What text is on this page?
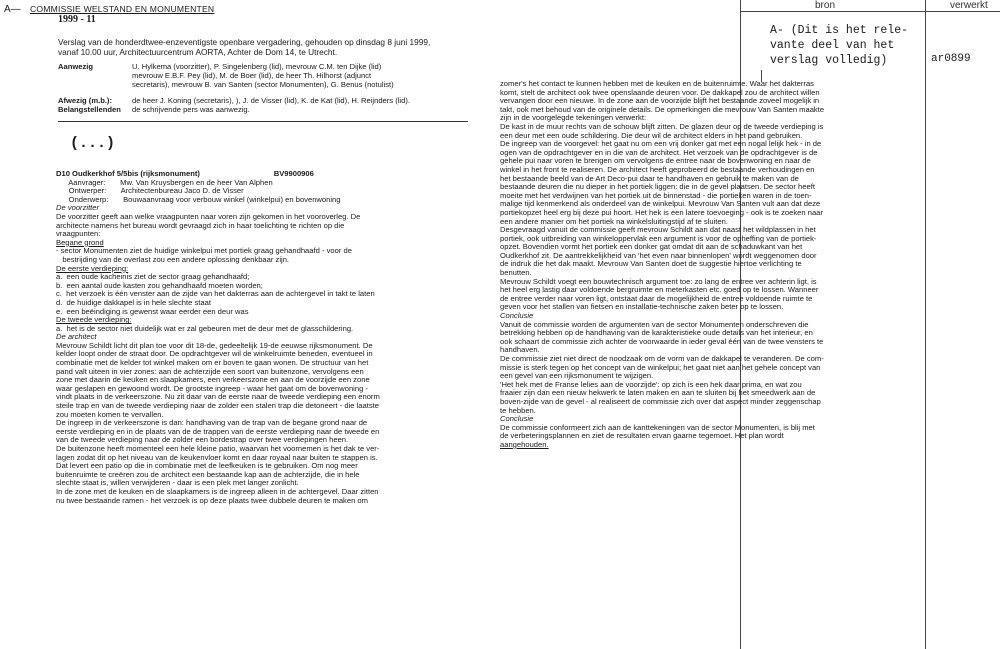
A— COMMISSIE WELSTAND EN MONUMENTEN
1999 - 11
bron	verwerkt
A- (Dit is het rele-
vante deel van het
verslag volledig)	ar0899

Verslag van de honderdtwee-enzeventigste openbare vergadering, gehouden op dinsdag 8 juni 1999,

vanaf 10.00 uur, Architectuurcentrum AORTA, Achter de Dom 14, te Utrecht.

Aanwezig	U. Hylkema (voorzitter), P. Singelenberg (lid), mevrouw C.M. ten Dijke (lid)
mevrouw E.B.F. Pey (lid), M. de Boer (lid), de heer Th. Hilhorst (adjunct
secretaris), mevrouw B. van Santen (sector Monumenten), G. Benus (notulist)
Afwezig (m.b.):	de heer J. Koning (secretaris), ), J. de Visser (lid), K. de Kat (lid), H. Reijnders (lid).
Belangstellenden de schrijvende pers was aanwezig.
(...)

D10 Oudkerkhof 5/5bis (rijksmonument)                                   BV9900906

Aanvrager:       Mw. Van Kruysbergen en de heer Van Alphen

Ontwerper:       Architectenbureau Jaco D. de Visser

Onderwerp:       Bouwaanvraag voor verbouw winkel (winkelpui) en bovenwoning

De voorzitter

De voorzitter geeft aan welke vraagpunten naar voren zijn gekomen in het vooroverleg. De

architecte namens het bureau wordt gevraagd zich in haar toelichting te richten op die

vraagpunten:

Begane grond

- sector Monumenten ziet de huidige winkelpui met portiek graag gehandhaafd - voor de

bestrijding van de overlast zou een andere oplossing denkbaar zijn.

De eerste verdieping:

a.  een oude kacheinis ziet de sector graag gehandhaafd;

b.  een aantal oude kasten zou gehandhaafd moeten worden;

c.  het verzoek is één venster aan de zijde van het dakterras aan de achtergevel in takt te laten

d.  de huidige dakkapel is in hele slechte staat

e.  een beëindiging is gewenst waar eerder een deur was

De tweede verdieping:

a.  het is de sector niet duidelijk wat er zal gebeuren met de deur met de glasschildering.

De architect

Mevrouw Schildt licht dit plan toe voor dit 18-de, gedeeltelijk 19-de eeuwse rijksmonument. De

kelder loopt onder de straat door. De opdrachtgever wil de winkelruimte beneden, eventueel in

combinatie met de kelder tot winkel maken om er boven te gaan wonen. De structuur van het

pand valt uiteen in vier zones: aan de achterzijde een soort van buitenzone, vervolgens een

zone met daarin de keuken en slaapkamers, een verkeerszone en aan de voorzijde een zone

waar geslapen en gewoond wordt. De grootste ingreep - waar het gaat om de bovenwoning -

vindt plaats in de verkeerszone. Nu zit daar van de eerste naar de tweede verdieping een enorm

steile trap en van de tweede verdieping naar de zolder een stalen trap die detoneert - die laatste

zou moeten komen te vervallen.

De ingreep in de verkeerszone is dan: handhaving van de trap van de begane grond naar de

eerste verdieping en in de plaats van de de trappen van de eerste verdieping naar de tweede en

van de tweede verdieping naar de zolder een bordestrap over twee verdiepingen heen.

De buitenzone heeft momenteel een hele kleine patio, waarvan het voornemen is het dak te ver-

lagen zodat dit op het niveau van de keukenvloer komt en daar royaal naar buiten te stappen is.

Dat levert een patio op die in combinatie met de leefkeuken is te gebruiken. Om nog meer

buitenruimte te creëren zou de architect een bestaande kap aan de achterzijde, die in hele

slechte staat is, willen verwijderen - daar is een plek met langer zonlicht.

In de zone met de keuken en de slaapkamers is de ingreep alleen in de achtergevel. Daar zitten

nu twee bestaande ramen - het verzoek is op deze plaats twee dubbele deuren te maken om

zomer's het contact te kunnen hebben met de keuken en de buitenruimte. Waar het dakterras

komt, stelt de architect ook twee openslaande deuren voor. De dakkapel zou de architect willen

vervangen door een nieuwe. In de zone aan de voorzijde blijft het bestaande zoveel mogelijk in

takt, ook met behoud van de originele details. De opmerkingen die mevrouw Van Santen maakte

zijn in de voorgelegde tekeningen verwerkt:

De kast in de muur rechts van de schouw blijft zitten. De glazen deur op de tweede verdieping is

een deur met een oude schildering. Die deur wil de architect elders in het pand gebruiken.

De ingreep van de voorgevel: het gaat nu om een vrij donker gat met een nogal lelijk hek - in de

ogen van de opdrachtgever en in die van de architect. Het verzoek van de opdrachtgever is de

gehele pui naar voren te brengen om vervolgens de entree naar de bovenwoning en naar de

winkel in het front te realiseren. De architect heeft geprobeerd de bestaande verhoudingen en

het bestaande beeld van de Art Deco-pui daar te handhaven en gebruik te maken van de

bestaande deuren die nu dieper in het portiek liggen: die in de gevel plaatsen. De sector heeft

moeite met het verdwijnen van het portiek uit de binnenstad - die portieken waren in de toen-

malige tijd kenmerkend als onderdeel van de winkelpui. Mevrouw Van Santen vult aan dat deze

portiekopzet heel erg bij deze pui hoort. Het hek is een latere toevoeging - ook is te zoeken naar

een andere manier om het portiek na winkelsluitingstijd af te sluiten.

Desgevraagd vanuit de commissie geeft mevrouw Schildt aan dat naast het wildplassen in het

portiek, ook uitbreiding van winkeloppervlak een argument is voor de opheffing van de portiek-

opzet. Bovendien vormt het portiek een donker gat omdat dit aan de schaduwkant van het

Oudkerkhof zit. De aantrekkelijkheid van 'het even naar binnenlopen' wordt weggenomen door

de indruk die het dak maakt. Mevrouw Van Santen doet de suggestie hiertoe verlichting te

benutten.

Mevrouw Schildt voegt een bouwtechnisch argument toe: zo lang de entree ver achterin ligt, is

het heel erg lastig daar voldoende bergruimte en meterkasten etc. goed op te lossen. Wanneer

de entree verder naar voren ligt, ontstaat daar de mogelijkheid de entree voldoende ruimte te

geven voor het stallen van fietsen en installatie-technische zaken beter op te lossen.

Conclusie

Vanuit de commissie worden de argumenten van de sector Monumenten onderschreven die

betrekking hebben op de handhaving van de karakteristieke oude details van het interieur, en

ook schaart de commissie zich achter de voorwaarde in ieder geval één van de twee vensters te

handhaven.

De commissie ziet niet direct de noodzaak om de vorm van de dakkapel te veranderen. De com-

missie is sterk tegen op het concept van de winkelpui; het gaat niet aan het gehele concept van

een gevel van een rijksmonument te wijzigen.

'Het hek met de Franse lelies aan de voorzijde': op zich is een hek daar prima, en wat zou

fraaier zijn dan een nieuw hekwerk te laten maken en aan te sluiten bij het smeedwerk aan de

boven-zijde van de gevel - al realiseert de commissie zich over dat aspect minder zeggenschap

te hebben.

Conclusie

De commissie conformeert zich aan de kanttekeningen van de sector Monumenten, is blij met

de verbeteringsplannen en ziet de resultaten ervan gaarne tegemoet. Het plan wordt

aangehouden.
